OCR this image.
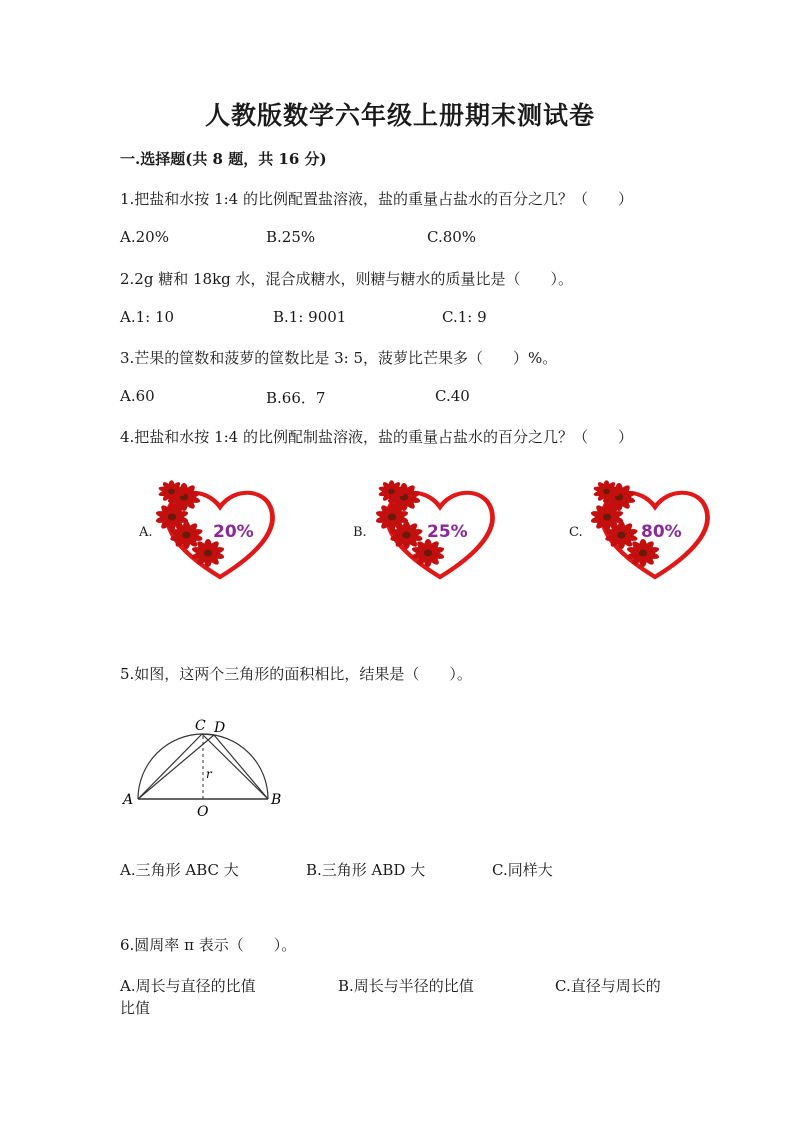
人教版数学六年级上册期末测试卷
一.选择题(共 8 题，共 16 分)
1.把盐和水按 1:4 的比例配置盐溶液，盐的重量占盐水的百分之几？（　　）
A.20%	B.25%	C.80%
2.2g 糖和 18kg 水，混合成糖水，则糖与糖水的质量比是（　　）。
A.1: 10	B.1: 9001	C.1: 9
3.芒果的筐数和菠萝的筐数比是 3: 5，菠萝比芒果多（　　）%。
A.60	B.66．7	C.40
4.把盐和水按 1:4 的比例配制盐溶液，盐的重量占盐水的百分之几？（　　）
A.	20%	B.	25%	C.	80%
5.如图，这两个三角形的面积相比，结果是（　　）。
C D
A	B
O
r
A.三角形 ABC 大	B.三角形 ABD 大	C.同样大
6.圆周率 π 表示（　　）。
A.周长与直径的比值	B.周长与半径的比值	C.直径与周长的
比值
